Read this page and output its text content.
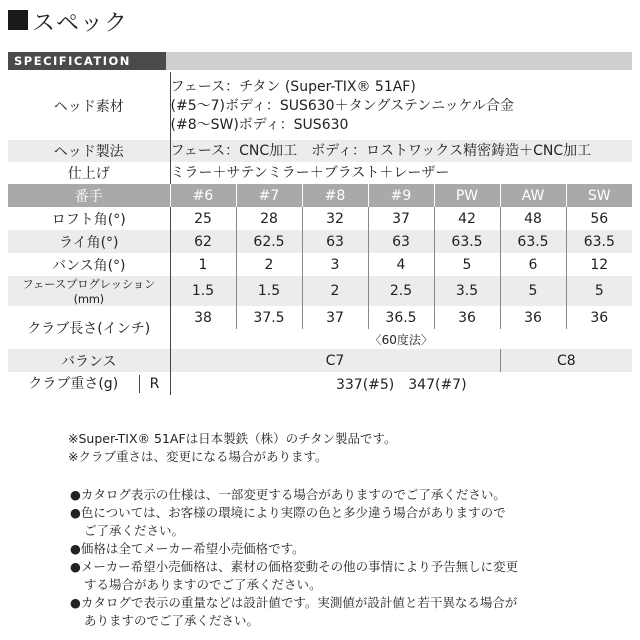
スペック
SPECIFICATION
ヘッド素材	フェース：チタン (Super-TIX® 51AF)
(#5〜7)ボディ：SUS630＋タングステンニッケル合金
(#8〜SW)ボディ：SUS630						

ヘッド製法	フェース：CNC加工　ボディ：ロストワックス精密鋳造＋CNC加工						
仕上げ	ミラー＋サテンミラー＋ブラスト＋レーザー						
番手	#6	#7	#8	#9	PW	AW	SW
ロフト角(°)	25	28	32	37	42	48	56
ライ角(°)	62	62.5	63	63	63.5	63.5	63.5
バンス角(°)	1	2	3	4	5	6	12
フェースプログレッション(mm)	1.5	1.5	2	2.5	3.5	5	5
クラブ長さ(インチ)	38	37.5	37	36.5	36	36	36
	〈60度法〉						
バランス	C7					C8	

クラブ重さ(g) R	337(#5)　347(#7)						
※Super-TIX® 51AFは日本製鉄（株）のチタン製品です。
※クラブ重さは、変更になる場合があります。
●カタログ表示の仕様は、一部変更する場合がありますのでご了承ください。
●色については、お客様の環境により実際の色と多少違う場合がありますので
ご了承ください。
●価格は全てメーカー希望小売価格です。
●メーカー希望小売価格は、素材の価格変動その他の事情により予告無しに変更
する場合がありますのでご了承ください。
●カタログで表示の重量などは設計値です。実測値が設計値と若干異なる場合が
ありますのでご了承ください。
